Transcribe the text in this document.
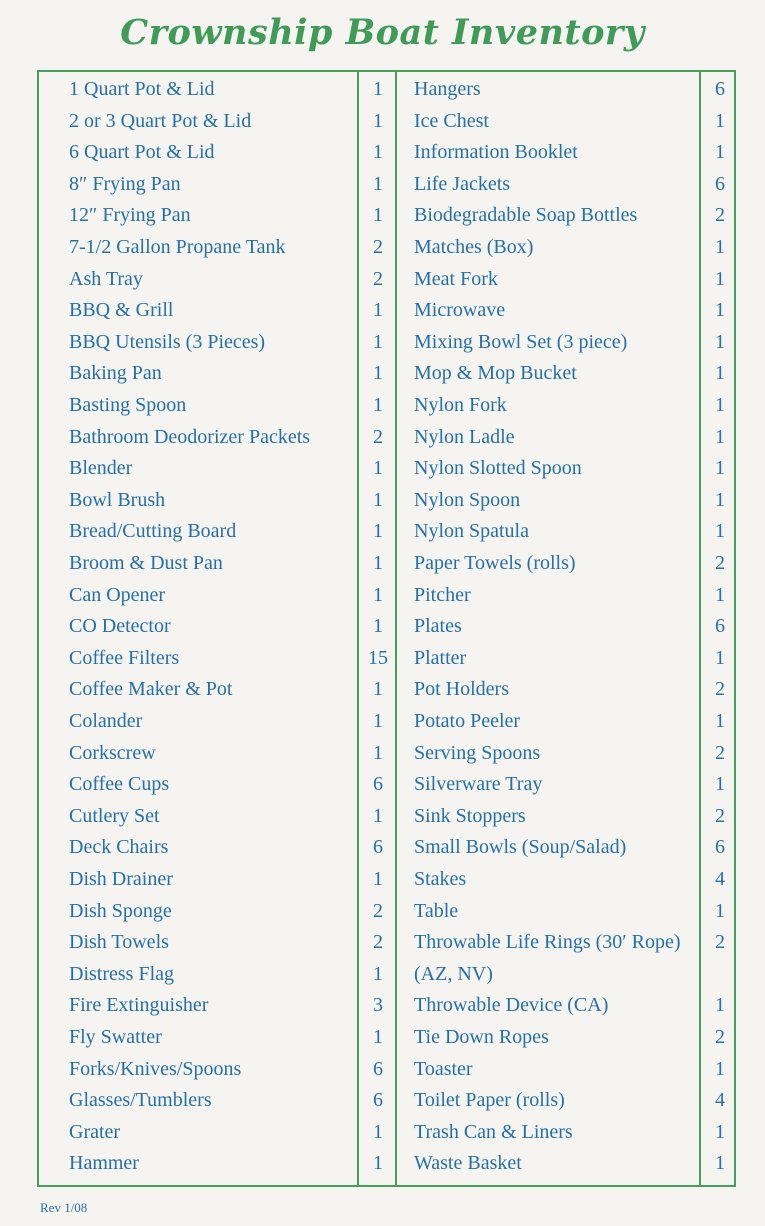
Crownship Boat Inventory
1 Quart Pot & Lid	1
2 or 3 Quart Pot & Lid	1
6 Quart Pot & Lid	1
8″ Frying Pan	1
12″ Frying Pan	1
7-1/2 Gallon Propane Tank	2
Ash Tray	2
BBQ & Grill	1
BBQ Utensils (3 Pieces)	1
Baking Pan	1
Basting Spoon	1
Bathroom Deodorizer Packets	2
Blender	1
Bowl Brush	1
Bread/Cutting Board	1
Broom & Dust Pan	1
Can Opener	1
CO Detector	1
Coffee Filters	15
Coffee Maker & Pot	1
Colander	1
Corkscrew	1
Coffee Cups	6
Cutlery Set	1
Deck Chairs	6
Dish Drainer	1
Dish Sponge	2
Dish Towels	2
Distress Flag	1
Fire Extinguisher	3
Fly Swatter	1
Forks/Knives/Spoons	6
Glasses/Tumblers	6
Grater	1
Hammer	1
Hangers	6
Ice Chest	1
Information Booklet	1
Life Jackets	6
Biodegradable Soap Bottles	2
Matches (Box)	1
Meat Fork	1
Microwave	1
Mixing Bowl Set (3 piece)	1
Mop & Mop Bucket	1
Nylon Fork	1
Nylon Ladle	1
Nylon Slotted Spoon	1
Nylon Spoon	1
Nylon Spatula	1
Paper Towels (rolls)	2
Pitcher	1
Plates	6
Platter	1
Pot Holders	2
Potato Peeler	1
Serving Spoons	2
Silverware Tray	1
Sink Stoppers	2
Small Bowls (Soup/Salad)	6
Stakes	4
Table	1
Throwable Life Rings (30′ Rope)	2
(AZ, NV)
Throwable Device (CA)	1
Tie Down Ropes	2
Toaster	1
Toilet Paper (rolls)	4
Trash Can & Liners	1
Waste Basket	1
Rev 1/08
